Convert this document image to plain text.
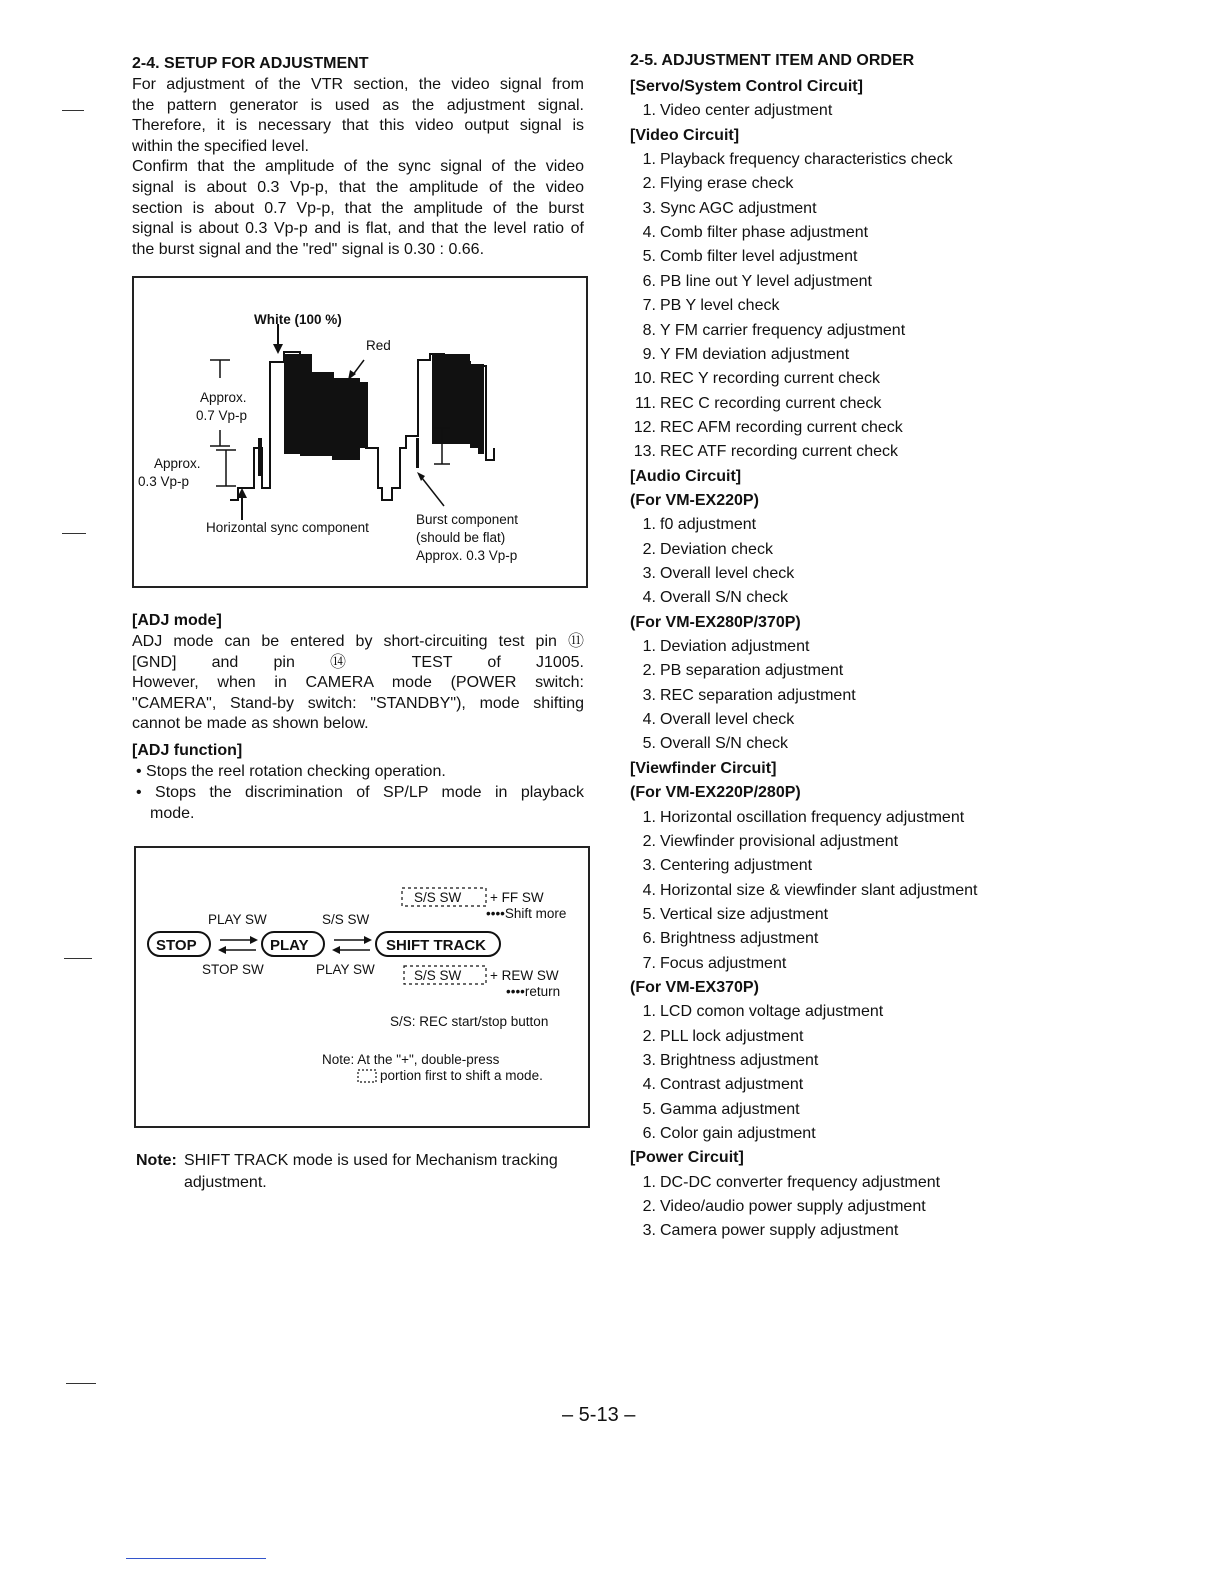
2-4. SETUP FOR ADJUSTMENT
For adjustment of the VTR section, the video signal from
the pattern generator is used as the adjustment signal.
Therefore, it is necessary that this video output signal is
within the specified level.
Confirm that the amplitude of the sync signal of the video
signal is about 0.3 Vp-p, that the amplitude of the video
section is about 0.7 Vp-p, that the amplitude of the burst
signal is about 0.3 Vp-p and is flat, and that the level ratio of
the burst signal and the "red" signal is 0.30 : 0.66.
White (100 %)
Red
Approx.
0.7 Vp-p
Approx.
0.3 Vp-p
Horizontal sync component
Burst component
(should be flat)
Approx. 0.3 Vp-p
[ADJ mode]
ADJ mode can be entered by short-circuiting test pin ⑪
[GND] and pin ⑭ TEST of J1005.
However, when in CAMERA mode (POWER switch:
"CAMERA", Stand-by switch: "STANDBY"), mode shifting
cannot be made as shown below.
[ADJ function]
• Stops the reel rotation checking operation.
• Stops the discrimination of SP/LP mode in playback
mode.
S/S SW + FF SW
••••Shift more
PLAY SW	S/S SW
STOP	PLAY	SHIFT TRACK
STOP SW	PLAY SW	S/S SW + REW SW
••••return
S/S: REC start/stop button
Note: At the "+", double-press
portion first to shift a mode.
Note: SHIFT TRACK mode is used for Mechanism tracking
adjustment.
2-5. ADJUSTMENT ITEM AND ORDER
[Servo/System Control Circuit]
1. Video center adjustment
[Video Circuit]
1. Playback frequency characteristics check
2. Flying erase check
3. Sync AGC adjustment
4. Comb filter phase adjustment
5. Comb filter level adjustment
6. PB line out Y level adjustment
7. PB Y level check
8. Y FM carrier frequency adjustment
9. Y FM deviation adjustment
10. REC Y recording current check
11. REC C recording current check
12. REC AFM recording current check
13. REC ATF recording current check
[Audio Circuit]
(For VM-EX220P)
1. f0 adjustment
2. Deviation check
3. Overall level check
4. Overall S/N check
(For VM-EX280P/370P)
1. Deviation adjustment
2. PB separation adjustment
3. REC separation adjustment
4. Overall level check
5. Overall S/N check
[Viewfinder Circuit]
(For VM-EX220P/280P)
1. Horizontal oscillation frequency adjustment
2. Viewfinder provisional adjustment
3. Centering adjustment
4. Horizontal size & viewfinder slant adjustment
5. Vertical size adjustment
6. Brightness adjustment
7. Focus adjustment
(For VM-EX370P)
1. LCD comon voltage adjustment
2. PLL lock adjustment
3. Brightness adjustment
4. Contrast adjustment
5. Gamma adjustment
6. Color gain adjustment
[Power Circuit]
1. DC-DC converter frequency adjustment
2. Video/audio power supply adjustment
3. Camera power supply adjustment
– 5-13 –
